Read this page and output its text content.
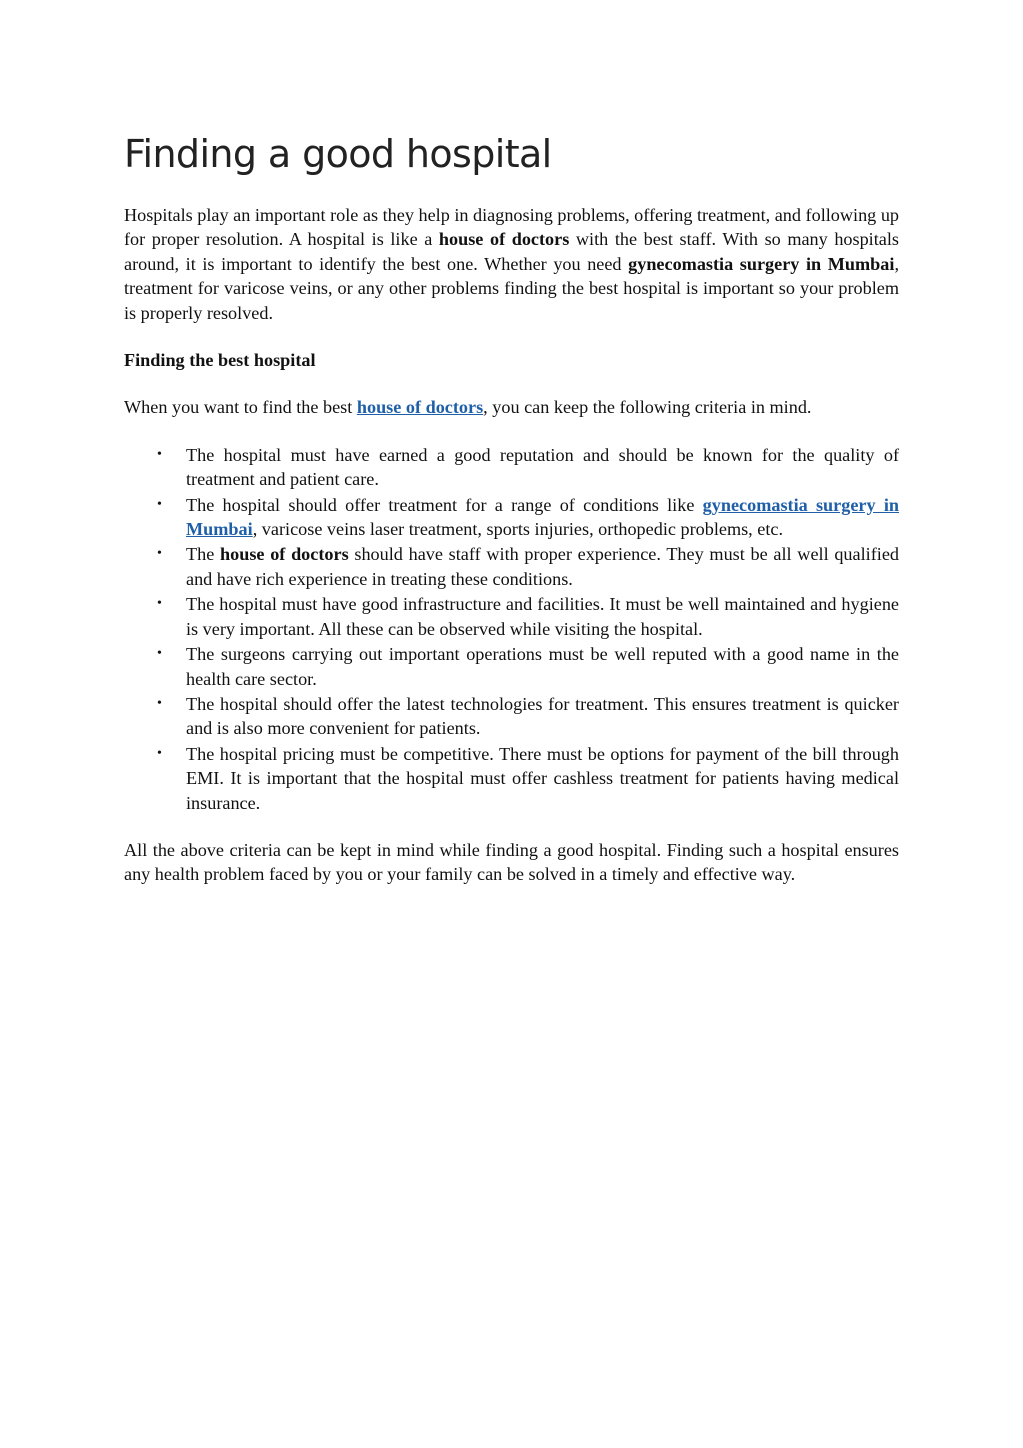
Finding a good hospital

Hospitals play an important role as they help in diagnosing problems, offering treatment, and following up for proper resolution. A hospital is like a house of doctors with the best staff. With so many hospitals around, it is important to identify the best one. Whether you need gynecomastia surgery in Mumbai, treatment for varicose veins, or any other problems finding the best hospital is important so your problem is properly resolved.

Finding the best hospital

When you want to find the best house of doctors, you can keep the following criteria in mind.

• The hospital must have earned a good reputation and should be known for the quality of treatment and patient care.
• The hospital should offer treatment for a range of conditions like gynecomastia surgery in Mumbai, varicose veins laser treatment, sports injuries, orthopedic problems, etc.
• The house of doctors should have staff with proper experience. They must be all well qualified and have rich experience in treating these conditions.
• The hospital must have good infrastructure and facilities. It must be well maintained and hygiene is very important. All these can be observed while visiting the hospital.
• The surgeons carrying out important operations must be well reputed with a good name in the health care sector.
• The hospital should offer the latest technologies for treatment. This ensures treatment is quicker and is also more convenient for patients.
• The hospital pricing must be competitive. There must be options for payment of the bill through EMI. It is important that the hospital must offer cashless treatment for patients having medical insurance.

All the above criteria can be kept in mind while finding a good hospital. Finding such a hospital ensures any health problem faced by you or your family can be solved in a timely and effective way.
